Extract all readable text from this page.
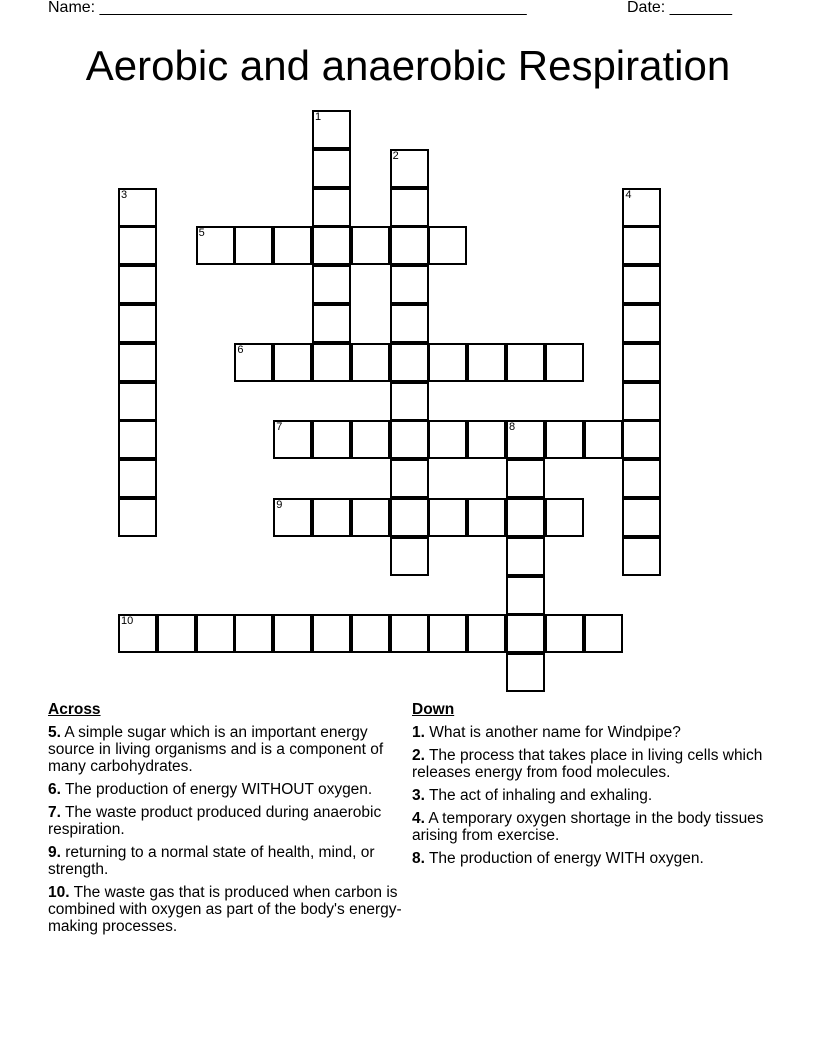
Name: ________________________________________________	Date: _______
Aerobic and anaerobic Respiration
1
2
3	4
5
6
7	8
9
10
Across
5. A simple sugar which is an important energy source in living organisms and is a component of many carbohydrates.
6. The production of energy WITHOUT oxygen.
7. The waste product produced during anaerobic respiration.
9. returning to a normal state of health, mind, or strength.
10. The waste gas that is produced when carbon is combined with oxygen as part of the body's energy-making processes.
Down
1. What is another name for Windpipe?
2. The process that takes place in living cells which releases energy from food molecules.
3. The act of inhaling and exhaling.
4. A temporary oxygen shortage in the body tissues arising from exercise.
8. The production of energy WITH oxygen.
